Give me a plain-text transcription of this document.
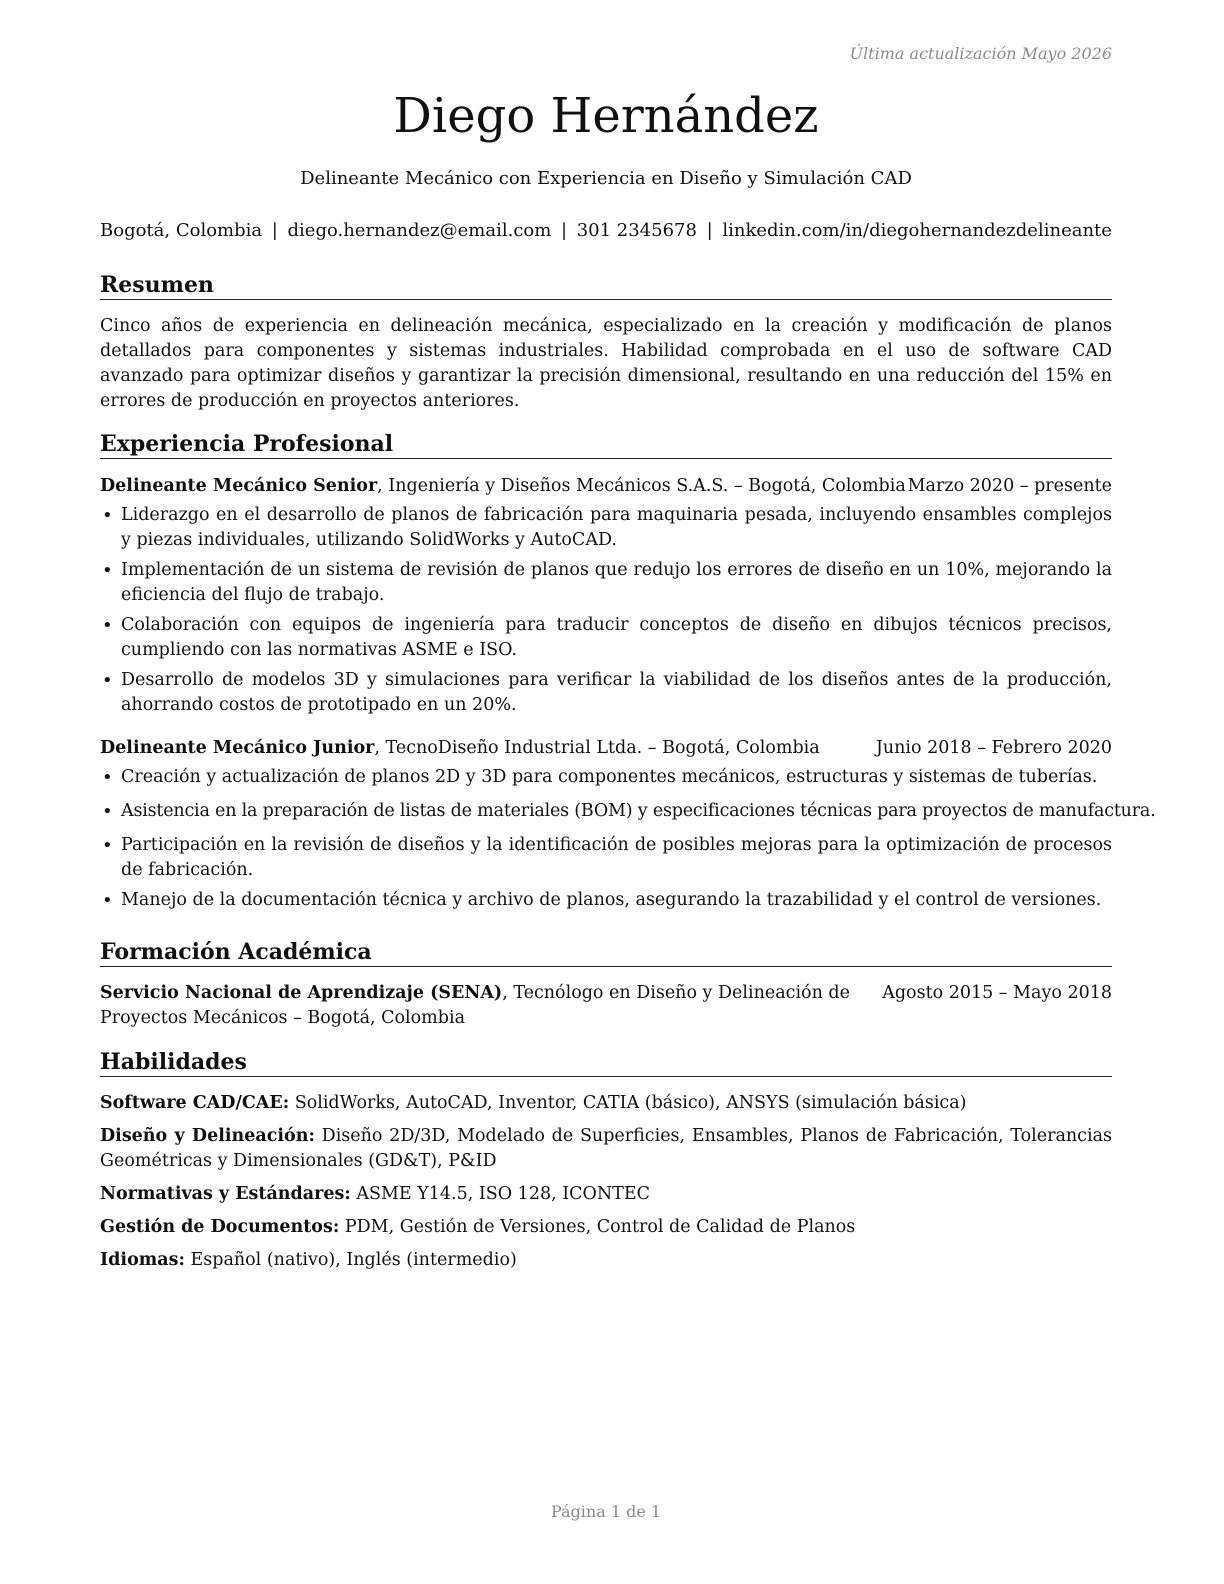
Última actualización Mayo 2026
Diego Hernández
Delineante Mecánico con Experiencia en Diseño y Simulación CAD
Bogotá, Colombia | diego.hernandez@email.com | 301 2345678 | linkedin.com/in/diegohernandezdelineante
Resumen
Cinco años de experiencia en delineación mecánica, especializado en la creación y modificación de planos detallados para componentes y sistemas industriales. Habilidad comprobada en el uso de software CAD avanzado para optimizar diseños y garantizar la precisión dimensional, resultando en una reducción del 15% en errores de producción en proyectos anteriores.
Experiencia Profesional
Delineante Mecánico Senior, Ingeniería y Diseños Mecánicos S.A.S. – Bogotá, Colombia Marzo 2020 – presente
• Liderazgo en el desarrollo de planos de fabricación para maquinaria pesada, incluyendo ensambles complejos y piezas individuales, utilizando SolidWorks y AutoCAD.
• Implementación de un sistema de revisión de planos que redujo los errores de diseño en un 10%, mejorando la eficiencia del flujo de trabajo.
• Colaboración con equipos de ingeniería para traducir conceptos de diseño en dibujos técnicos precisos, cumpliendo con las normativas ASME e ISO.
• Desarrollo de modelos 3D y simulaciones para verificar la viabilidad de los diseños antes de la producción, ahorrando costos de prototipado en un 20%.
Delineante Mecánico Junior, TecnoDiseño Industrial Ltda. – Bogotá, Colombia	Junio 2018 – Febrero 2020
• Creación y actualización de planos 2D y 3D para componentes mecánicos, estructuras y sistemas de tuberías.
• Asistencia en la preparación de listas de materiales (BOM) y especificaciones técnicas para proyectos de manufactura.
• Participación en la revisión de diseños y la identificación de posibles mejoras para la optimización de procesos de fabricación.
• Manejo de la documentación técnica y archivo de planos, asegurando la trazabilidad y el control de versiones.
Formación Académica
Servicio Nacional de Aprendizaje (SENA), Tecnólogo en Diseño y Delineación de Proyectos Mecánicos – Bogotá, Colombia
Agosto 2015 – Mayo 2018
Habilidades
Software CAD/CAE: SolidWorks, AutoCAD, Inventor, CATIA (básico), ANSYS (simulación básica)
Diseño y Delineación: Diseño 2D/3D, Modelado de Superficies, Ensambles, Planos de Fabricación, Tolerancias Geométricas y Dimensionales (GD&T), P&ID
Normativas y Estándares: ASME Y14.5, ISO 128, ICONTEC
Gestión de Documentos: PDM, Gestión de Versiones, Control de Calidad de Planos
Idiomas: Español (nativo), Inglés (intermedio)
Página 1 de 1
